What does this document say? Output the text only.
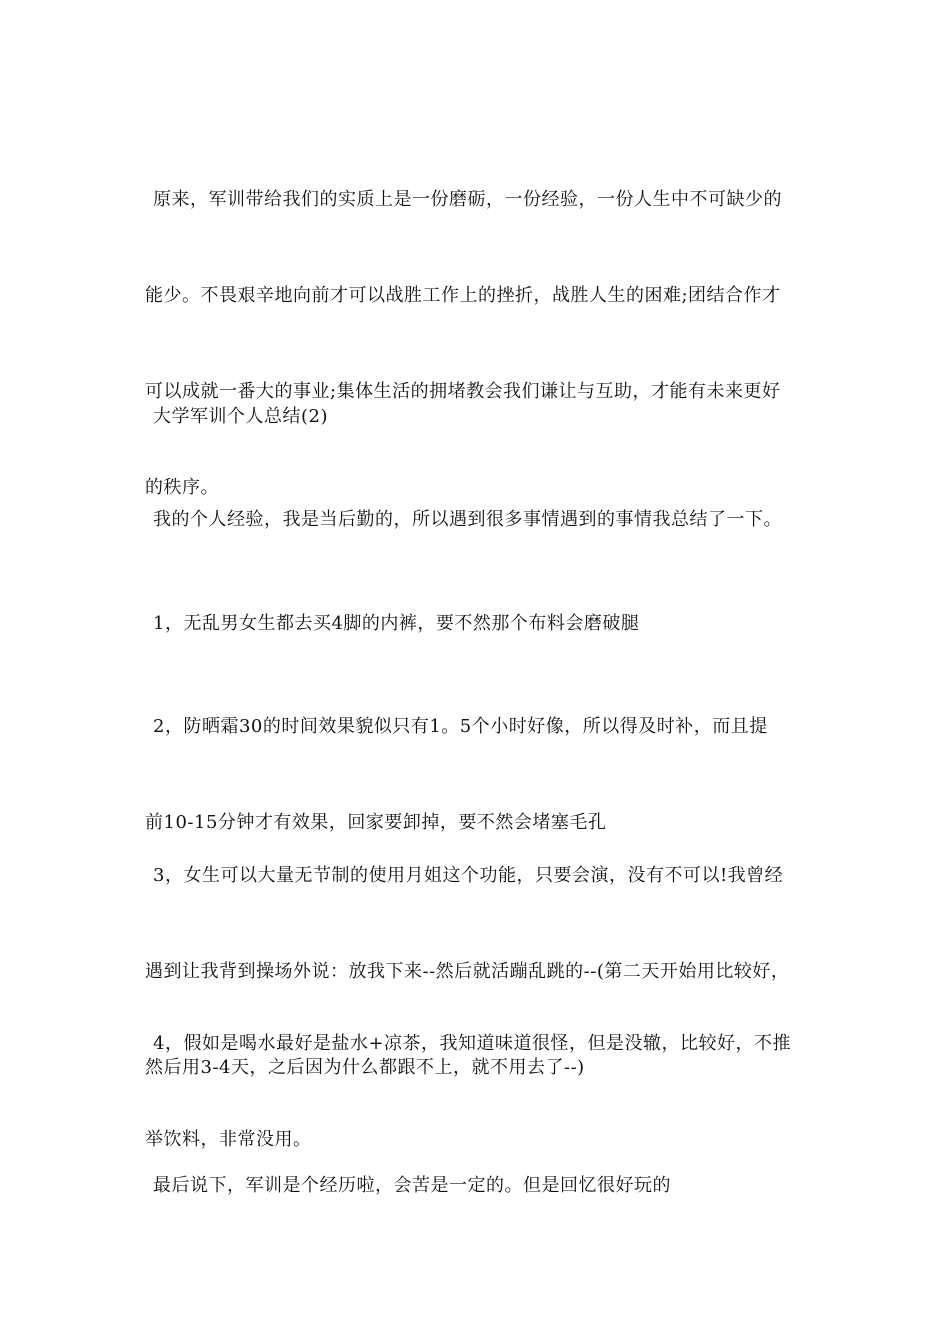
原来，军训带给我们的实质上是一份磨砺，一份经验，一份人生中不可缺少的

能少。不畏艰辛地向前才可以战胜工作上的挫折，战胜人生的困难;团结合作才

可以成就一番大的事业;集体生活的拥堵教会我们谦让与互助，才能有未来更好

的秩序。

大学军训个人总结(2)

我的个人经验，我是当后勤的，所以遇到很多事情遇到的事情我总结了一下。

1，无乱男女生都去买4脚的内裤，要不然那个布料会磨破腿

2，防晒霜30的时间效果貌似只有1。5个小时好像，所以得及时补，而且提

前10-15分钟才有效果，回家要卸掉，要不然会堵塞毛孔

3，女生可以大量无节制的使用月姐这个功能，只要会演，没有不可以!我曾经

遇到让我背到操场外说：放我下来--然后就活蹦乱跳的--(第二天开始用比较好，

然后用3-4天，之后因为什么都跟不上，就不用去了--)

4，假如是喝水最好是盐水+凉茶，我知道味道很怪，但是没辙，比较好，不推

举饮料，非常没用。

最后说下，军训是个经历啦，会苦是一定的。但是回忆很好玩的
